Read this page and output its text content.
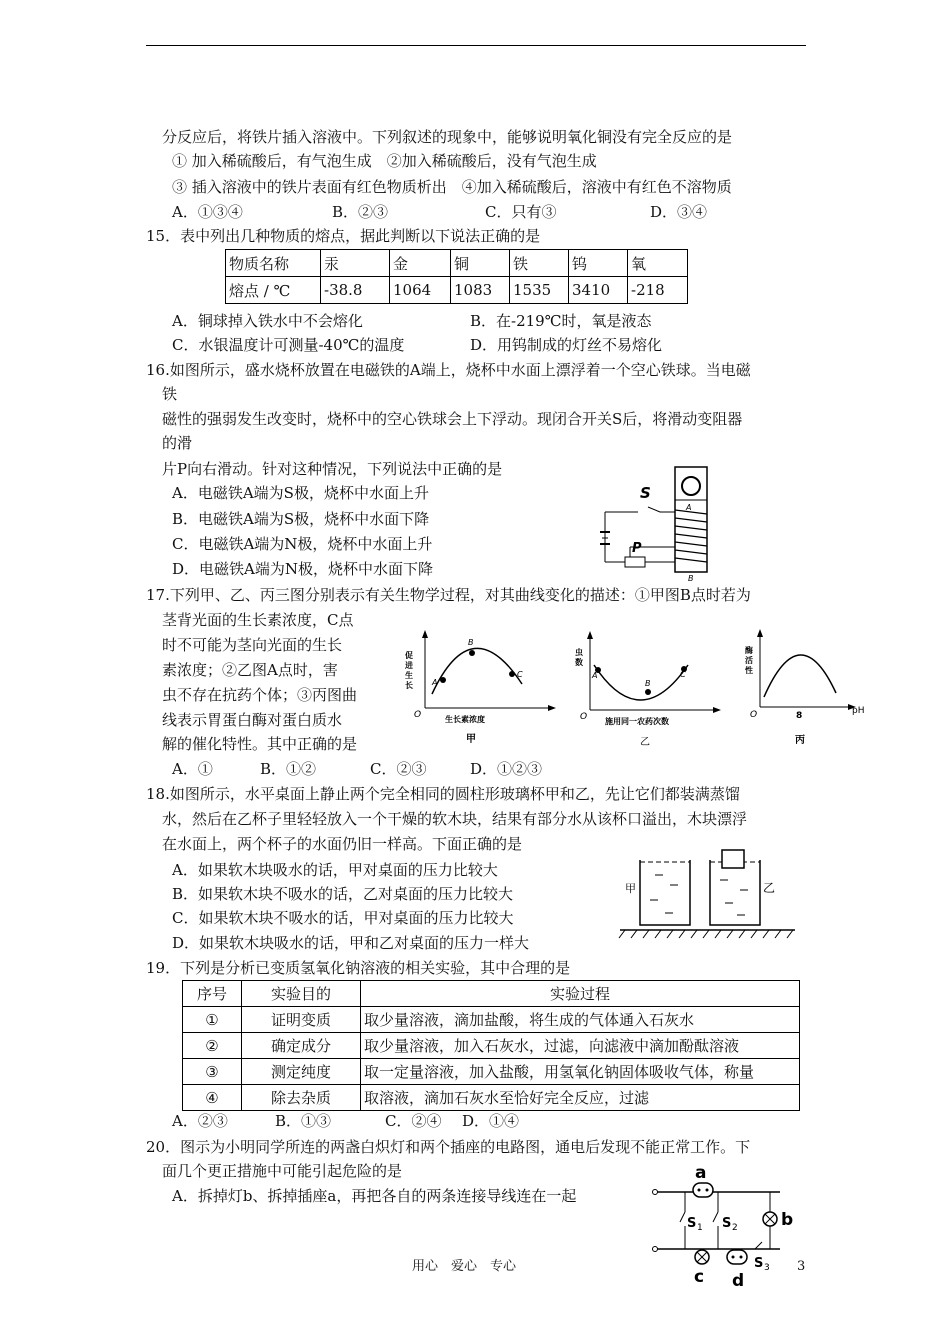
分反应后，将铁片插入溶液中。下列叙述的现象中，能够说明氧化铜没有完全反应的是
① 加入稀硫酸后，有气泡生成　②加入稀硫酸后，没有气泡生成
③ 插入溶液中的铁片表面有红色物质析出　④加入稀硫酸后，溶液中有红色不溶物质
A．①③④	B．②③	C．只有③	D．③④
15．表中列出几种物质的熔点，据此判断以下说法正确的是
物质名称	汞	金	铜	铁	钨	氧
熔点 / ℃	-38.8	1064	1083	1535	3410	-218
A．铜球掉入铁水中不会熔化	B．在-219℃时，氧是液态
C．水银温度计可测量-40℃的温度	D．用钨制成的灯丝不易熔化
16.如图所示，盛水烧杯放置在电磁铁的A端上，烧杯中水面上漂浮着一个空心铁球。当电磁
铁
磁性的强弱发生改变时，烧杯中的空心铁球会上下浮动。现闭合开关S后，将滑动变阻器
的滑
片P向右滑动。针对这种情况，下列说法中正确的是
A．电磁铁A端为S极，烧杯中水面上升
B．电磁铁A端为S极，烧杯中水面下降
C．电磁铁A端为N极，烧杯中水面上升
D．电磁铁A端为N极，烧杯中水面下降
S
P
A
B
17.下列甲、乙、丙三图分别表示有关生物学过程，对其曲线变化的描述：①甲图B点时若为
茎背光面的生长素浓度，C点
时不可能为茎向光面的生长
素浓度；②乙图A点时，害
虫不存在抗药个体；③丙图曲
线表示胃蛋白酶对蛋白质水
解的催化特性。其中正确的是
A．①	B．①②	C．②③	D．①②③
促
进
生
长
O
A
B
C
生长素浓度
甲
虫
数
O
A
B
C
施用同一农药次数
乙
酶
活
性
O	8	pH
丙
18.如图所示，水平桌面上静止两个完全相同的圆柱形玻璃杯甲和乙，先让它们都装满蒸馏
水，然后在乙杯子里轻轻放入一个干燥的软木块，结果有部分水从该杯口溢出，木块漂浮
在水面上，两个杯子的水面仍旧一样高。下面正确的是
A．如果软木块吸水的话，甲对桌面的压力比较大
B．如果软木块不吸水的话，乙对桌面的压力比较大
C．如果软木块不吸水的话，甲对桌面的压力比较大
D．如果软木块吸水的话，甲和乙对桌面的压力一样大
甲	乙
19．下列是分析已变质氢氧化钠溶液的相关实验，其中合理的是
序号	实验目的	实验过程
①	证明变质	取少量溶液，滴加盐酸，将生成的气体通入石灰水
②	确定成分	取少量溶液，加入石灰水，过滤，向滤液中滴加酚酞溶液
③	测定纯度	取一定量溶液，加入盐酸，用氢氧化钠固体吸收气体，称量
④	除去杂质	取溶液，滴加石灰水至恰好完全反应，过滤
A．②③	B．①③	C．②④ D．①④
20．图示为小明同学所连的两盏白炽灯和两个插座的电路图，通电后发现不能正常工作。下
面几个更正措施中可能引起危险的是
A．拆掉灯b、拆掉插座a，再把各自的两条连接导线连在一起
a
b
c d
S 1 S 2
S 3
用心　爱心　专心	3
